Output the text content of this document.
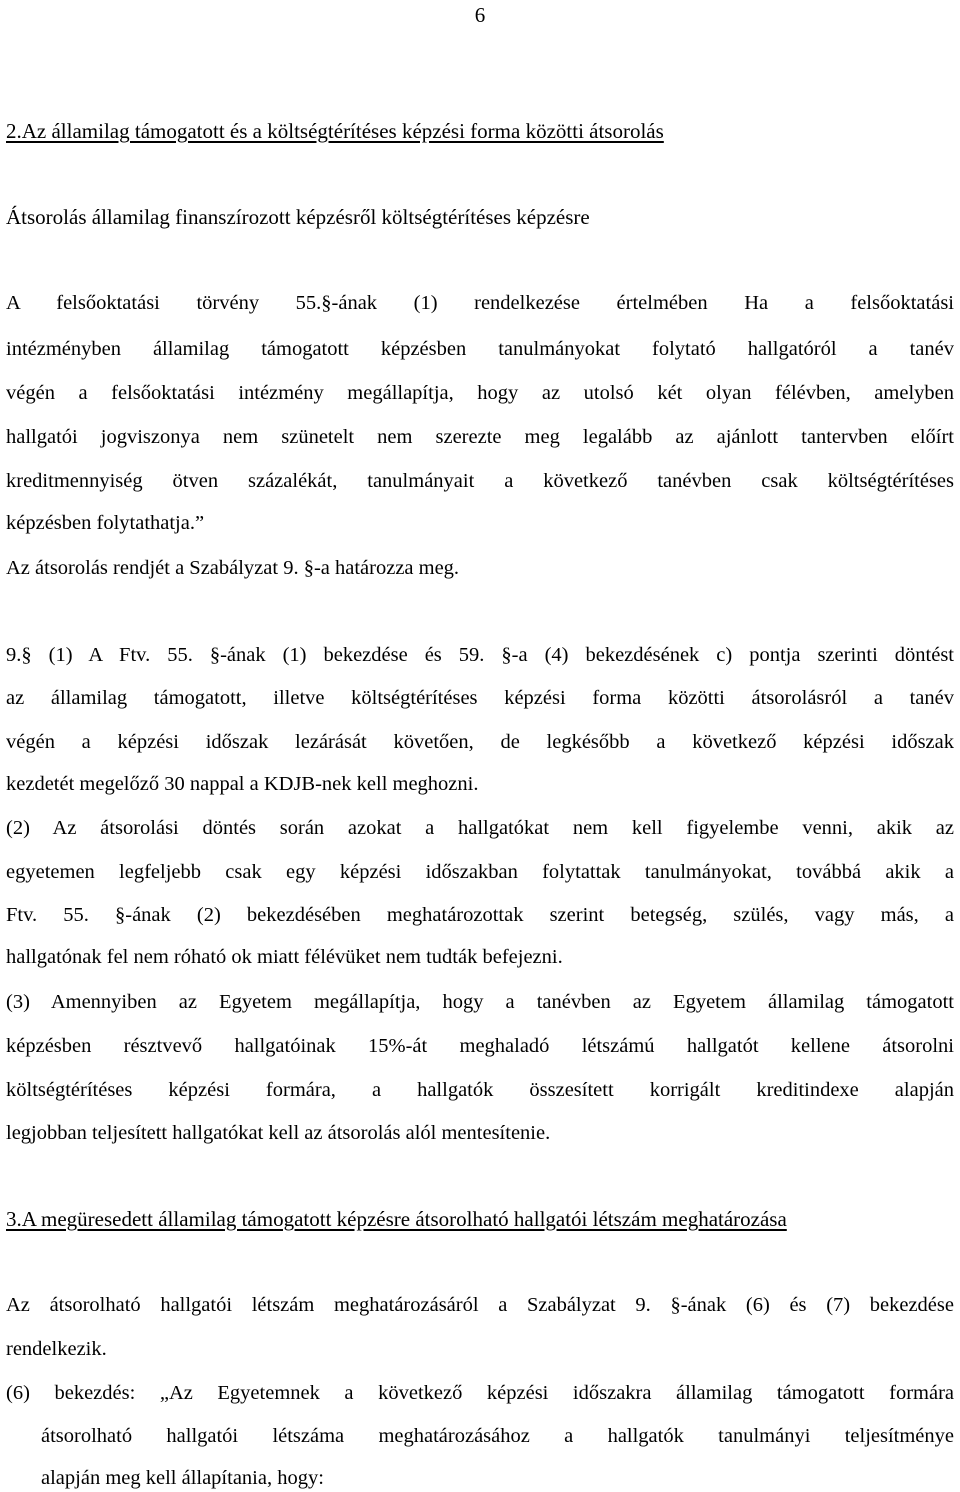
6
2.Az államilag támogatott és a költségtérítéses képzési forma közötti átsorolás
Átsorolás államilag finanszírozott képzésről költségtérítéses képzésre
A felsőoktatási törvény 55.§-ának (1) rendelkezése értelmében Ha a felsőoktatási
intézményben államilag támogatott képzésben tanulmányokat folytató hallgatóról a tanév
végén a felsőoktatási intézmény megállapítja, hogy az utolsó két olyan félévben, amelyben
hallgatói jogviszonya nem szünetelt nem szerezte meg legalább az ajánlott tantervben előírt
kreditmennyiség ötven százalékát, tanulmányait a következő tanévben csak költségtérítéses
képzésben folytathatja.”
Az átsorolás rendjét a Szabályzat 9. §-a határozza meg.
9.§ (1) A Ftv. 55. §-ának (1) bekezdése és 59. §-a (4) bekezdésének c) pontja szerinti döntést
az államilag támogatott, illetve költségtérítéses képzési forma közötti átsorolásról a tanév
végén a képzési időszak lezárását követően, de legkésőbb a következő képzési időszak
kezdetét megelőző 30 nappal a KDJB-nek kell meghozni.
(2) Az átsorolási döntés során azokat a hallgatókat nem kell figyelembe venni, akik az
egyetemen legfeljebb csak egy képzési időszakban folytattak tanulmányokat, továbbá akik a
Ftv. 55. §-ának (2) bekezdésében meghatározottak szerint betegség, szülés, vagy más, a
hallgatónak fel nem róható ok miatt félévüket nem tudták befejezni.
(3) Amennyiben az Egyetem megállapítja, hogy a tanévben az Egyetem államilag támogatott
képzésben résztvevő hallgatóinak 15%-át meghaladó létszámú hallgatót kellene átsorolni
költségtérítéses képzési formára, a hallgatók összesített korrigált kreditindexe alapján
legjobban teljesített hallgatókat kell az átsorolás alól mentesítenie.
3.A megüresedett államilag támogatott képzésre átsorolható hallgatói létszám meghatározása
Az átsorolható hallgatói létszám meghatározásáról a Szabályzat 9. §-ának (6) és (7) bekezdése
rendelkezik.
(6) bekezdés: „Az Egyetemnek a következő képzési időszakra államilag támogatott formára
átsorolható hallgatói létszáma meghatározásához a hallgatók tanulmányi teljesítménye
alapján meg kell állapítania, hogy:
